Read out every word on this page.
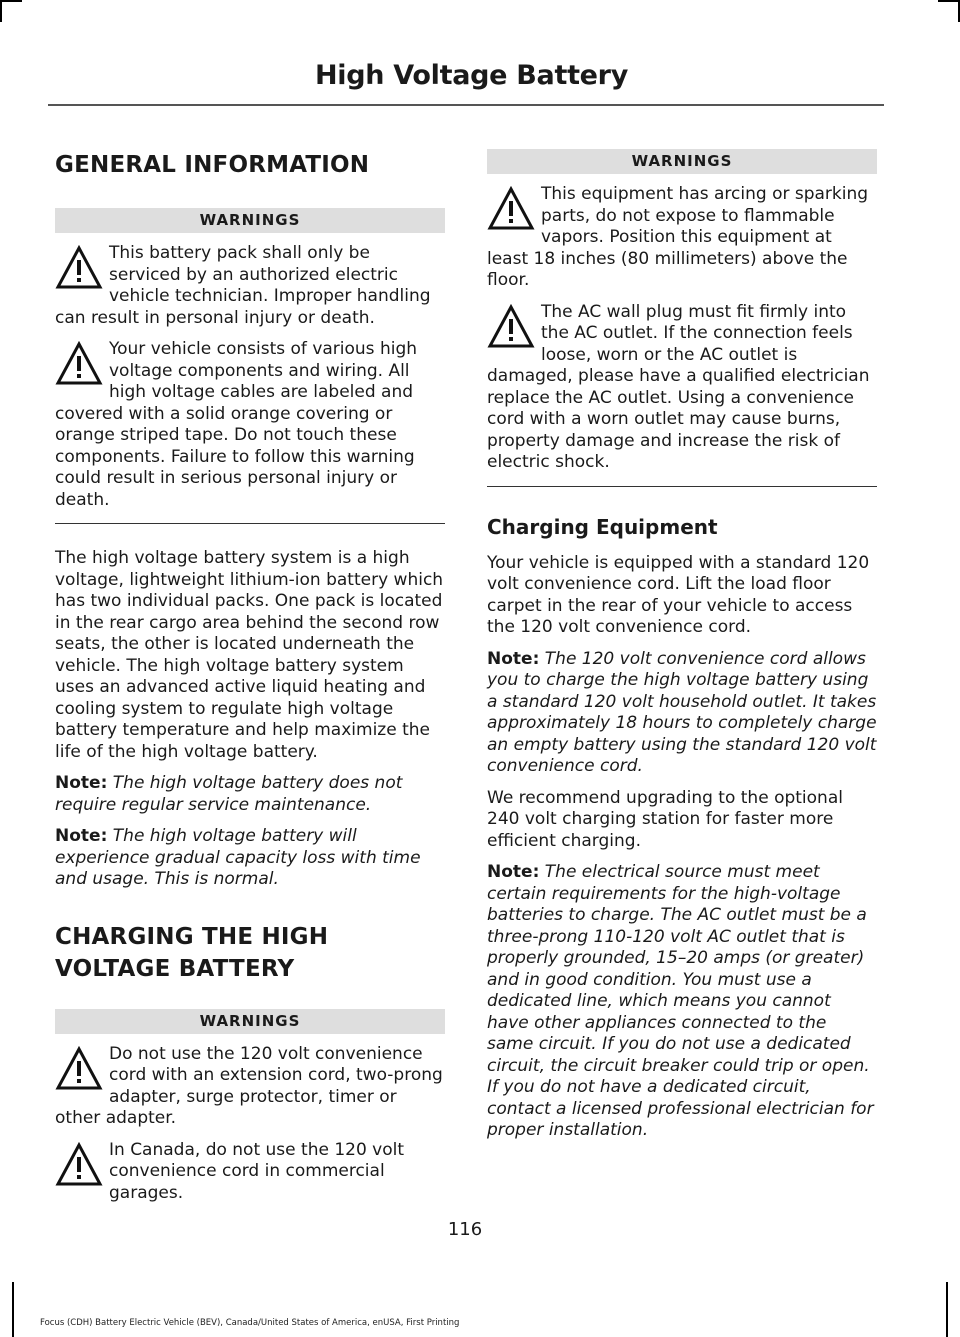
High Voltage Battery
GENERAL INFORMATION
WARNINGS
This battery pack shall only be serviced by an authorized electric vehicle technician. Improper handling can result in personal injury or death.
Your vehicle consists of various high voltage components and wiring. All high voltage cables are labeled and covered with a solid orange covering or orange striped tape. Do not touch these components. Failure to follow this warning could result in serious personal injury or death.

The high voltage battery system is a high voltage, lightweight lithium-ion battery which has two individual packs. One pack is located in the rear cargo area behind the second row seats, the other is located underneath the vehicle. The high voltage battery system uses an advanced active liquid heating and cooling system to regulate high voltage battery temperature and help maximize the life of the high voltage battery.

Note: The high voltage battery does not require regular service maintenance.

Note: The high voltage battery will experience gradual capacity loss with time and usage. This is normal.

CHARGING THE HIGH
VOLTAGE BATTERY
WARNINGS
Do not use the 120 volt convenience cord with an extension cord, two-prong adapter, surge protector, timer or other adapter.
In Canada, do not use the 120 volt convenience cord in commercial garages.
WARNINGS
This equipment has arcing or sparking parts, do not expose to flammable vapors. Position this equipment at least 18 inches (80 millimeters) above the floor.
The AC wall plug must fit firmly into the AC outlet. If the connection feels loose, worn or the AC outlet is damaged, please have a qualified electrician replace the AC outlet. Using a convenience cord with a worn outlet may cause burns, property damage and increase the risk of electric shock.
Charging Equipment

Your vehicle is equipped with a standard 120 volt convenience cord. Lift the load floor carpet in the rear of your vehicle to access the 120 volt convenience cord.

Note: The 120 volt convenience cord allows you to charge the high voltage battery using a standard 120 volt household outlet. It takes approximately 18 hours to completely charge an empty battery using the standard 120 volt convenience cord.

We recommend upgrading to the optional 240 volt charging station for faster more efficient charging.

Note: The electrical source must meet certain requirements for the high-voltage batteries to charge. The AC outlet must be a three-prong 110-120 volt AC outlet that is properly grounded, 15–20 amps (or greater) and in good condition. You must use a dedicated line, which means you cannot have other appliances connected to the same circuit. If you do not use a dedicated circuit, the circuit breaker could trip or open. If you do not have a dedicated circuit, contact a licensed professional electrician for proper installation.

116
Focus (CDH) Battery Electric Vehicle (BEV), Canada/United States of America, enUSA, First Printing
